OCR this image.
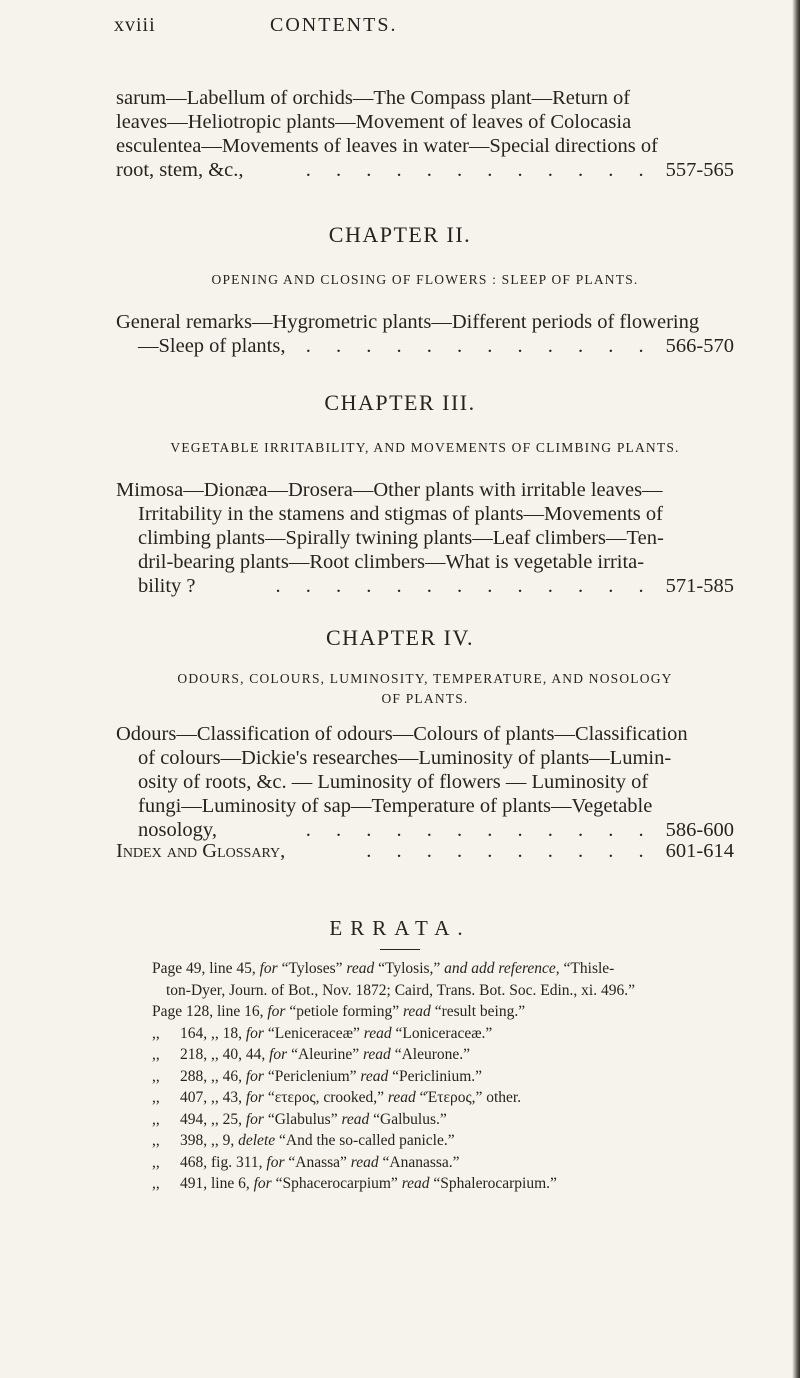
xviii	CONTENTS.

sarum—Labellum of orchids—The Compass plant—Return of

leaves—Heliotropic plants—Movement of leaves of Colocasia

esculentea—Movements of leaves in water—Special directions of

root, stem, &c.,	. . . . . . . . . . . . 557-565
CHAPTER II.
OPENING AND CLOSING OF FLOWERS : SLEEP OF PLANTS.

General remarks—Hygrometric plants—Different periods of flowering

—Sleep of plants, . . . . . . . . . . . . 566-570
CHAPTER III.
VEGETABLE IRRITABILITY, AND MOVEMENTS OF CLIMBING PLANTS.

Mimosa—Dionæa—Drosera—Other plants with irritable leaves—

Irritability in the stamens and stigmas of plants—Movements of

climbing plants—Spirally twining plants—Leaf climbers—Ten-

dril-bearing plants—Root climbers—What is vegetable irrita-

bility ?	. . . . . . . . . . . . . 571-585
CHAPTER IV.
ODOURS, COLOURS, LUMINOSITY, TEMPERATURE, AND NOSOLOGY
OF PLANTS.

Odours—Classification of odours—Colours of plants—Classification

of colours—Dickie's researches—Luminosity of plants—Lumin-

osity of roots, &c. — Luminosity of flowers — Luminosity of

fungi—Luminosity of sap—Temperature of plants—Vegetable

nosology,	. . . . . . . . . . . . 586-600
Index and Glossary,	. . . . . . . . . . 601-614
ERRATA.
Page 49, line 45, for “Tyloses” read “Tylosis,” and add reference, “Thisle-
ton-Dyer, Journ. of Bot., Nov. 1872; Caird, Trans. Bot. Soc. Edin., xi. 496.”
Page 128, line 16, for “petiole forming” read “result being.”
,, 164, ,, 18, for “Leniceraceæ” read “Loniceraceæ.”
,, 218, ,, 40, 44, for “Aleurine” read “Aleurone.”
,, 288, ,, 46, for “Periclenium” read “Periclinium.”
,, 407, ,, 43, for “ετερος, crooked,” read “Έτερος,” other.
,, 494, ,, 25, for “Glabulus” read “Galbulus.”
,, 398, ,, 9, delete “And the so-called panicle.”
,, 468, fig. 311, for “Anassa” read “Ananassa.”
,, 491, line 6, for “Sphacerocarpium” read “Sphalerocarpium.”
